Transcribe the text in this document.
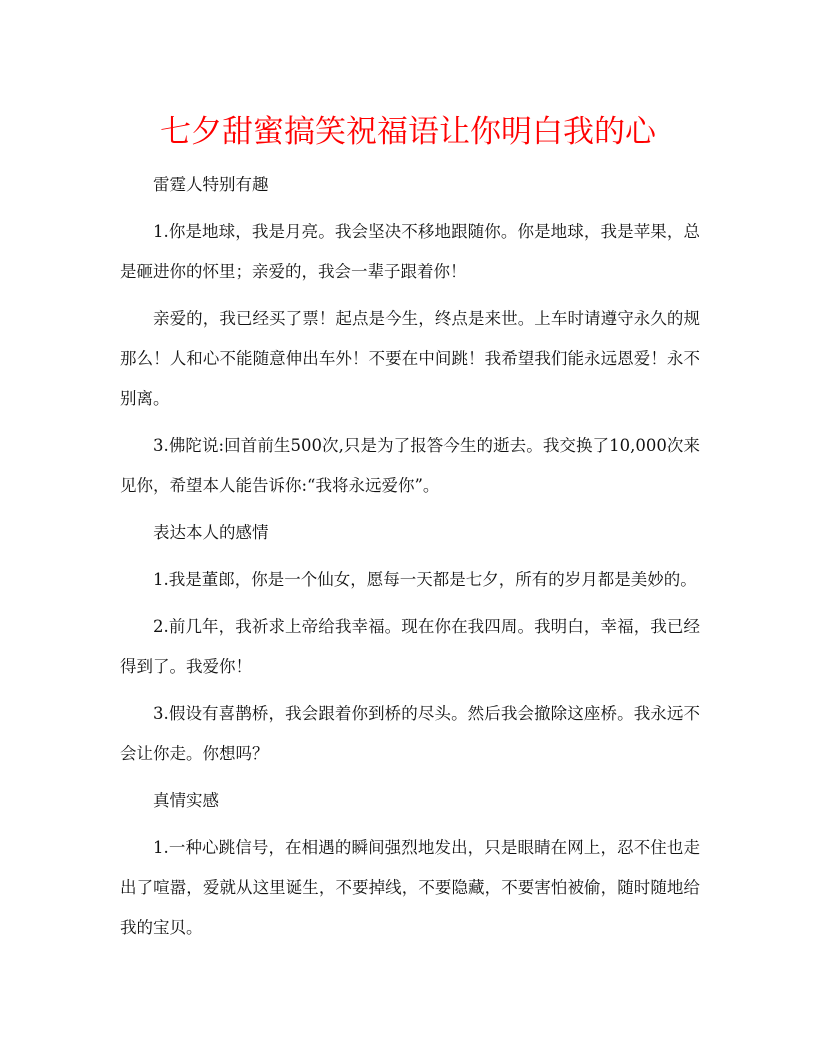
七夕甜蜜搞笑祝福语让你明白我的心

雷霆人特别有趣

1.你是地球，我是月亮。我会坚决不移地跟随你。你是地球，我是苹果，总是砸进你的怀里；亲爱的，我会一辈子跟着你！

亲爱的，我已经买了票！起点是今生，终点是来世。上车时请遵守永久的规那么！人和心不能随意伸出车外！不要在中间跳！我希望我们能永远恩爱！永不别离。

3.佛陀说:回首前生500次,只是为了报答今生的逝去。我交换了10,000次来见你，希望本人能告诉你:“我将永远爱你”。

表达本人的感情

1.我是董郎，你是一个仙女，愿每一天都是七夕，所有的岁月都是美妙的。

2.前几年，我祈求上帝给我幸福。现在你在我四周。我明白，幸福，我已经得到了。我爱你！

3.假设有喜鹊桥，我会跟着你到桥的尽头。然后我会撤除这座桥。我永远不会让你走。你想吗？

真情实感

1.一种心跳信号，在相遇的瞬间强烈地发出，只是眼睛在网上，忍不住也走出了喧嚣，爱就从这里诞生，不要掉线，不要隐藏，不要害怕被偷，随时随地给我的宝贝。
